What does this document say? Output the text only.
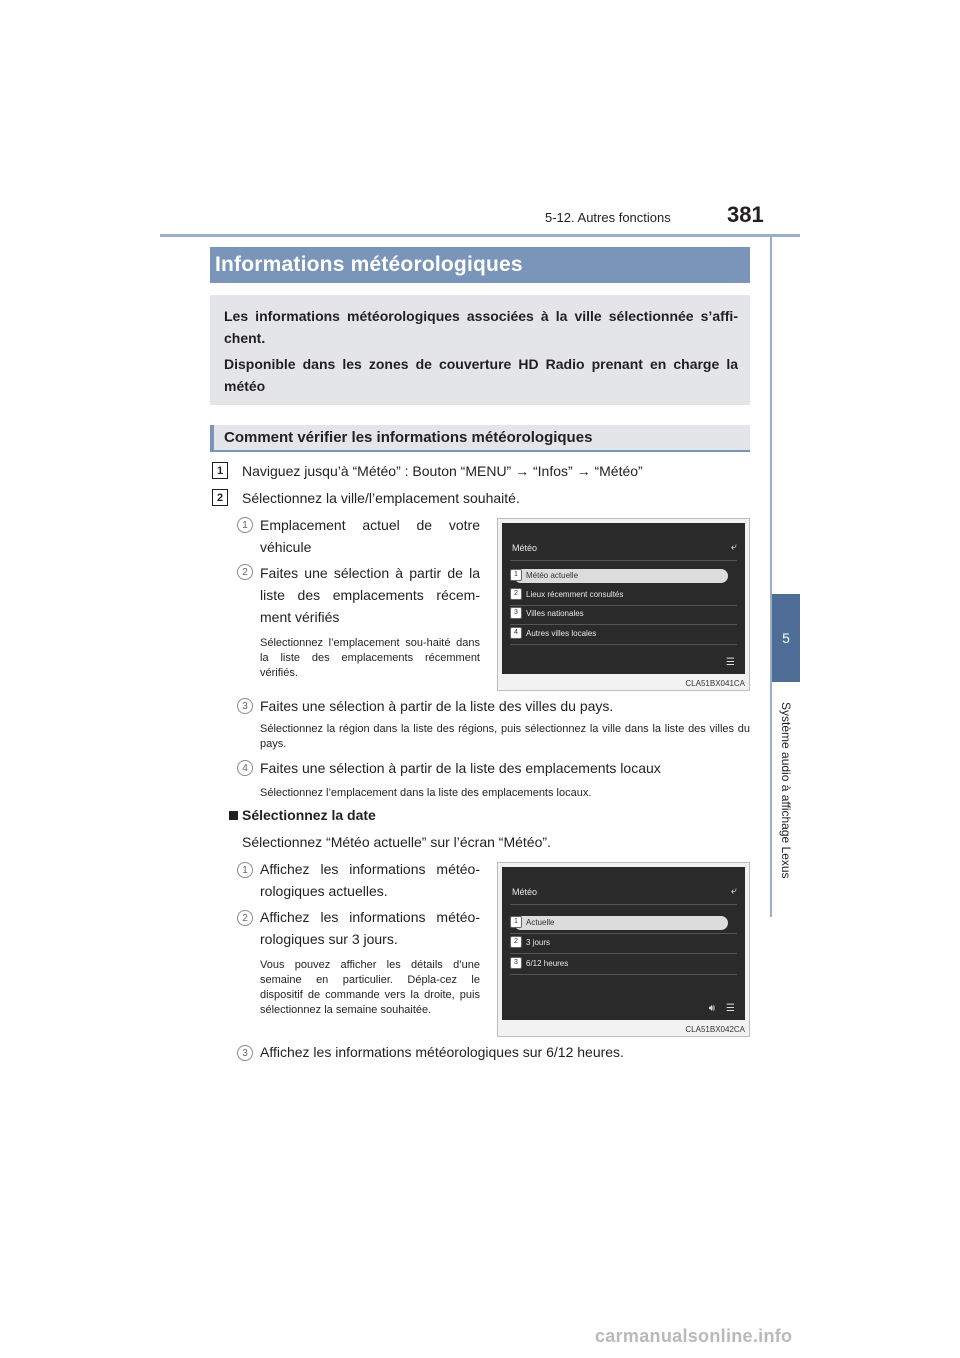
5-12. Autres fonctions	381
5
Système audio à affichage Lexus
Informations météorologiques

Les informations météorologiques associées à la ville sélectionnée s’affi-chent.

Disponible dans les zones de couverture HD Radio prenant en charge la météo

Comment vérifier les informations météorologiques
1	Naviguez jusqu’à “Météo” : Bouton “MENU” → “Infos” → “Météo”
2	Sélectionnez la ville/l’emplacement souhaité.
1 Emplacement actuel de votre véhicule
2 Faites une sélection à partir de la liste des emplacements récem-ment vérifiés
Sélectionnez l’emplacement sou-haité dans la liste des emplacements récemment vérifiés.
Météo	⤶
1	Météo actuelle
2	Lieux récemment consultés
3	Villes nationales
4	Autres villes locales
☰
CLA51BX041CA
3 Faites une sélection à partir de la liste des villes du pays.
Sélectionnez la région dans la liste des régions, puis sélectionnez la ville dans la liste des villes du pays.
4 Faites une sélection à partir de la liste des emplacements locaux
Sélectionnez l’emplacement dans la liste des emplacements locaux.
Sélectionnez la date
Sélectionnez “Météo actuelle” sur l’écran “Météo”.
1 Affichez les informations météo-rologiques actuelles.
2 Affichez les informations météo-rologiques sur 3 jours.
Vous pouvez afficher les détails d’une semaine en particulier. Dépla-cez le dispositif de commande vers la droite, puis sélectionnez la semaine souhaitée.
Météo	⤶
1	Actuelle
2	3 jours
3	6/12 heures
🔊︎ ☰
CLA51BX042CA
3 Affichez les informations météorologiques sur 6/12 heures.
carmanualsonline.info
